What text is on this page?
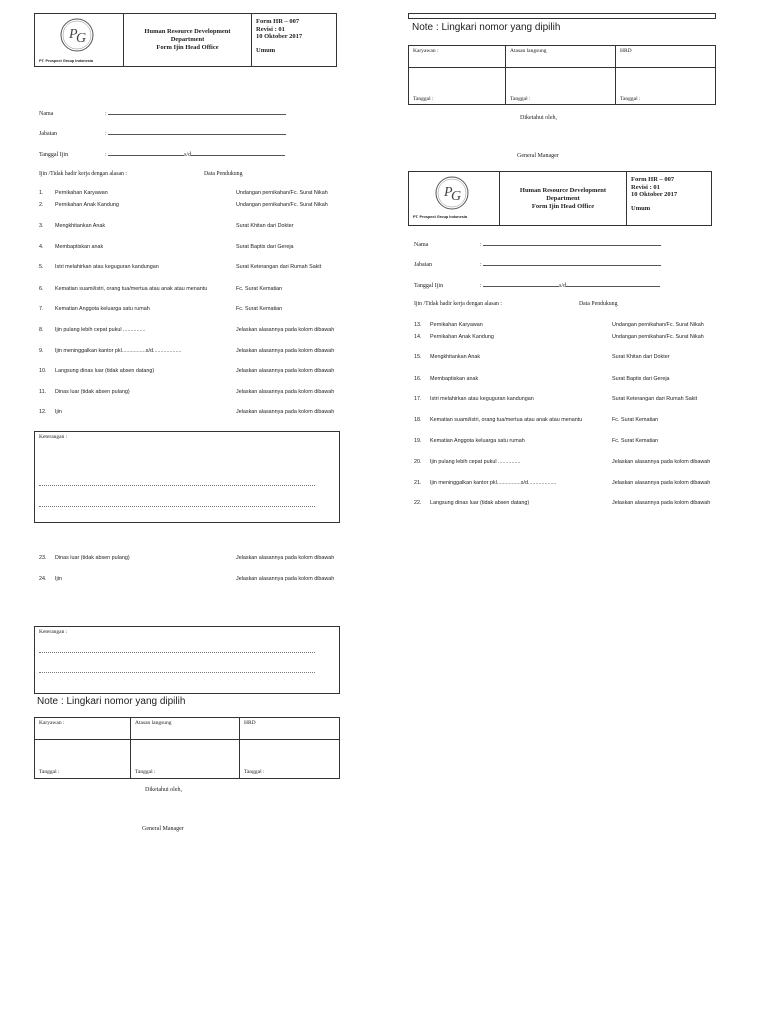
P
G
PT. Prospect Group Indonesia
Human Resource Development
Department
Form Ijin Head Office
Form HR – 007
Revisi : 01
10 Oktober 2017
Umum
Nama	:
Jabatan	:
Tanggal Ijin	:	s/d
Ijin /Tidak hadir kerja dengan alasan :	Data Pendukung
1. Pernikahan Karyawan	Undangan pernikahan/Fc. Surat Nikah
2. Pernikahan Anak Kandung	Undangan pernikahan/Fc. Surat Nikah
3. Mengkhitankan Anak	Surat Khitan dari Dokter
4. Membaptiskan anak	Surat Baptis dari Gereja
5. Istri melahirkan atau keguguran kandungan	Surat Keterangan dari Rumah Sakit
6. Kematian suami/istri, orang tua/mertua atau anak atau menantu	Fc. Surat Kematian
7. Kematian Anggota keluarga satu rumah	Fc. Surat Kematian
8. Ijin pulang lebih cepat pukul ...............	Jelaskan alasannya pada kolom dibawah
9. Ijin meninggalkan kantor pkl................s/d...................	Jelaskan alasannya pada kolom dibawah
10. Langsung dinas luar (tidak absen datang)	Jelaskan alasannya pada kolom dibawah
11. Dinas luar (tidak absen pulang)	Jelaskan alasannya pada kolom dibawah
12. Ijin	Jelaskan alasannya pada kolom dibawah
Keterangan :
23. Dinas luar (tidak absen pulang)	Jelaskan alasannya pada kolom dibawah
24. Ijin	Jelaskan alasannya pada kolom dibawah
Keterangan :
Note : Lingkari nomor yang dipilih
Karyawan :	Atasan langsung	HRD
Tanggal :	Tanggal :	Tanggal :
Diketahui oleh,
General Manager
Note : Lingkari nomor yang dipilih
Karyawan :	Atasan langsung	HRD
Tanggal :	Tanggal :	Tanggal :
Diketahui oleh,
General Manager
P
G
PT. Prospect Group Indonesia
Human Resource Development
Department
Form Ijin Head Office
Form HR – 007
Revisi : 01
10 Oktober 2017
Umum
Nama	:
Jabatan	:
Tanggal Ijin	:	s/d
Ijin /Tidak hadir kerja dengan alasan :	Data Pendukung
13. Pernikahan Karyawan	Undangan pernikahan/Fc. Surat Nikah
14. Pernikahan Anak Kandung	Undangan pernikahan/Fc. Surat Nikah
15. Mengkhitankan Anak	Surat Khitan dari Dokter
16. Membaptiskan anak	Surat Baptis dari Gereja
17. Istri melahirkan atau keguguran kandungan	Surat Keterangan dari Rumah Sakit
18. Kematian suami/istri, orang tua/mertua atau anak atau menantu	Fc. Surat Kematian
19. Kematian Anggota keluarga satu rumah	Fc. Surat Kematian
20. Ijin pulang lebih cepat pukul ...............	Jelaskan alasannya pada kolom dibawah
21. Ijin meninggalkan kantor pkl................s/d...................	Jelaskan alasannya pada kolom dibawah
22. Langsung dinas luar (tidak absen datang)	Jelaskan alasannya pada kolom dibawah
